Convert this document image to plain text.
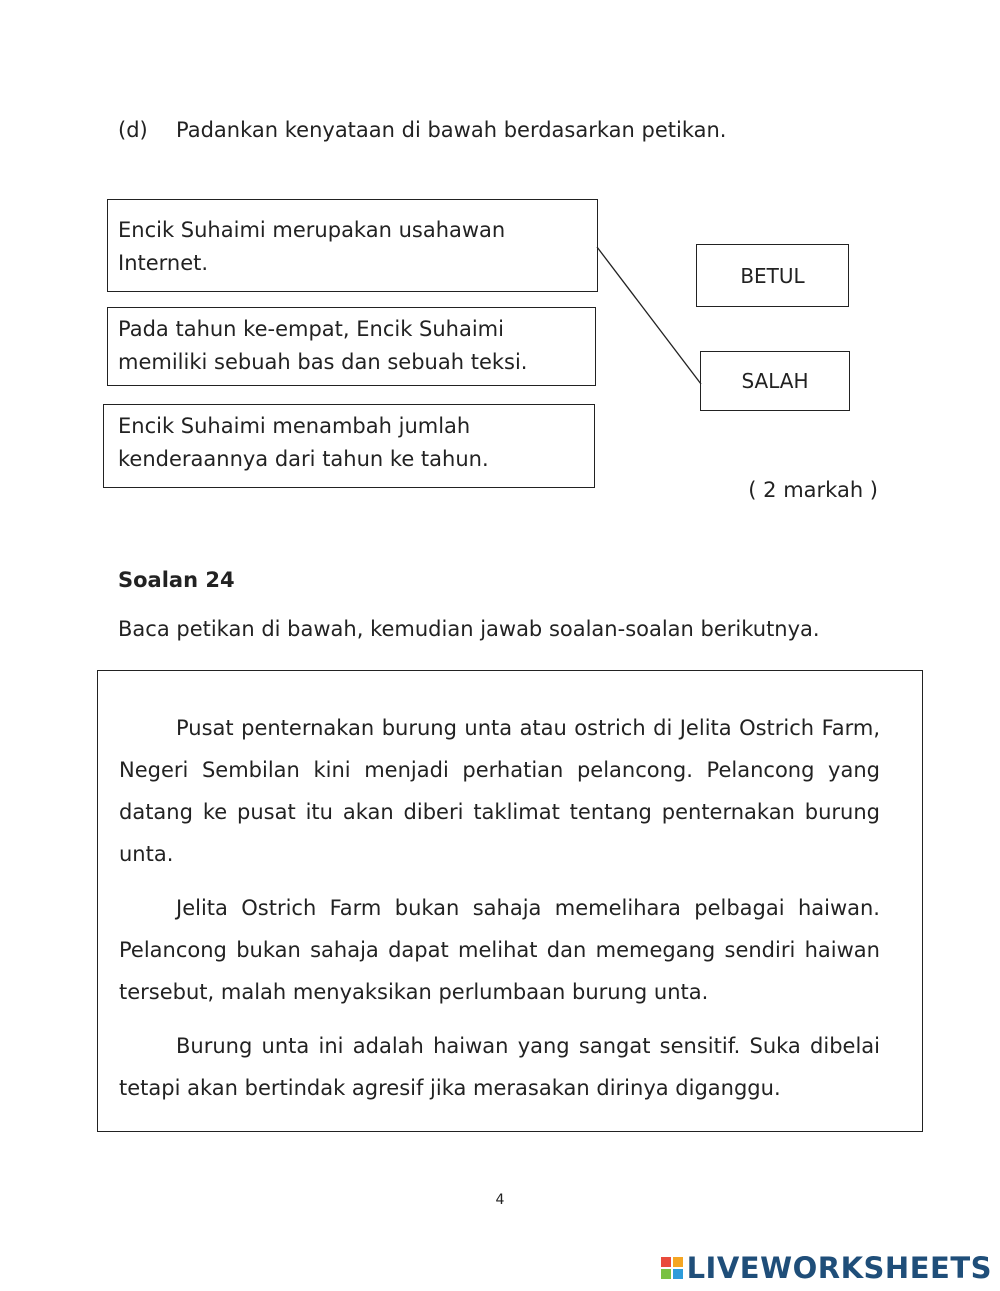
(d) Padankan kenyataan di bawah berdasarkan petikan.
Encik Suhaimi merupakan usahawan
Internet.
Pada tahun ke-empat, Encik Suhaimi
memiliki sebuah bas dan sebuah teksi.
Encik Suhaimi menambah jumlah
kenderaannya dari tahun ke tahun.
BETUL
SALAH
( 2 markah )
Soalan 24
Baca petikan di bawah, kemudian jawab soalan-soalan berikutnya.

Pusat penternakan burung unta atau ostrich di Jelita Ostrich Farm, Negeri Sembilan kini menjadi perhatian pelancong. Pelancong yang datang ke pusat itu akan diberi taklimat tentang penternakan burung unta.

Jelita Ostrich Farm bukan sahaja memelihara pelbagai haiwan. Pelancong bukan sahaja dapat melihat dan memegang sendiri haiwan tersebut, malah menyaksikan perlumbaan burung unta.

Burung unta ini adalah haiwan yang sangat sensitif. Suka dibelai tetapi akan bertindak agresif jika merasakan dirinya diganggu.

4
LIVEWORKSHEETS
